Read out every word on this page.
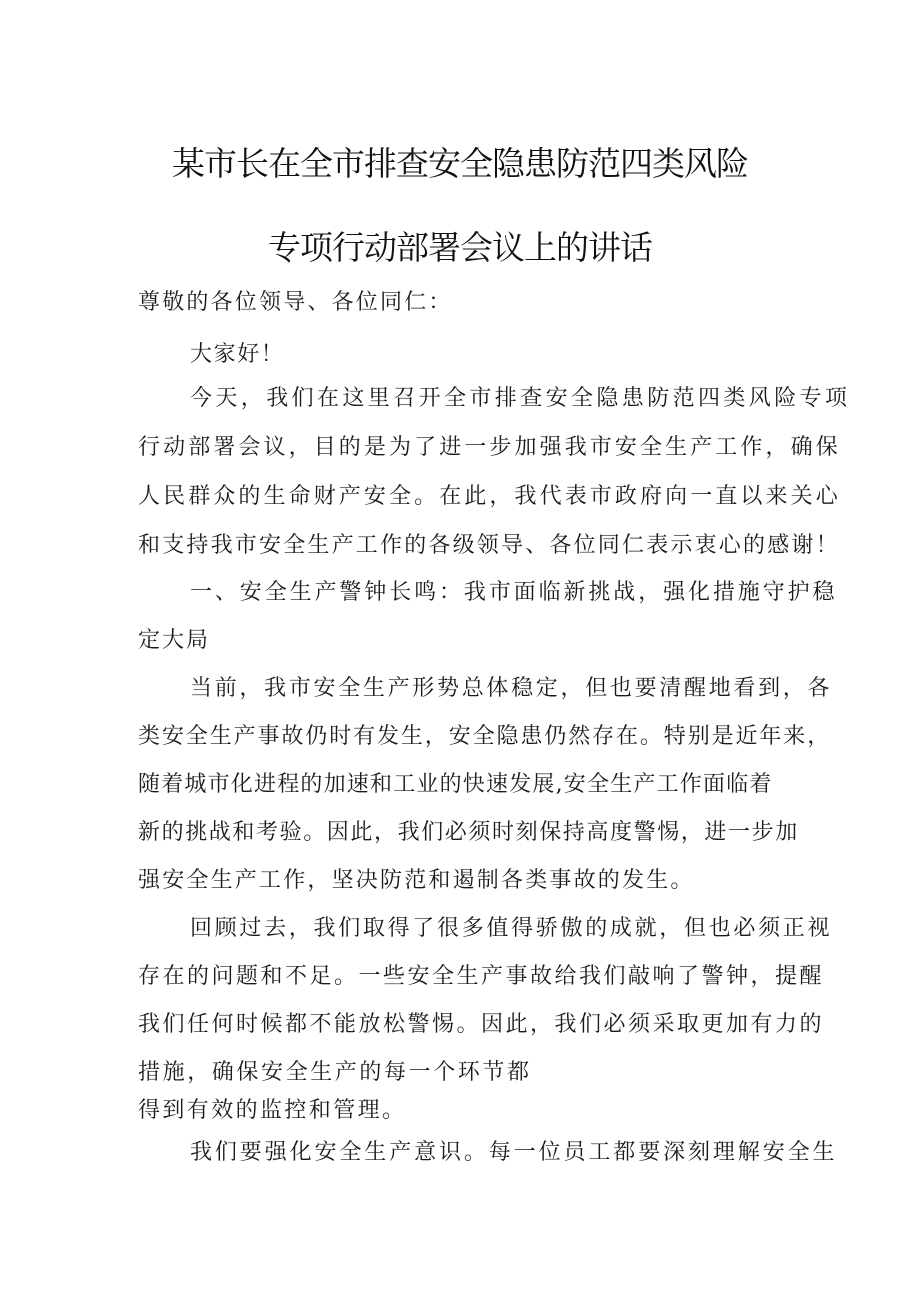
某市长在全市排查安全隐患防范四类风险
专项行动部署会议上的讲话
尊敬的各位领导、各位同仁：
大家好！
今天，我们在这里召开全市排查安全隐患防范四类风险专项
行动部署会议，目的是为了进一步加强我市安全生产工作，确保
人民群众的生命财产安全。在此，我代表市政府向一直以来关心
和支持我市安全生产工作的各级领导、各位同仁表示衷心的感谢！
一、安全生产警钟长鸣：我市面临新挑战，强化措施守护稳
定大局
当前，我市安全生产形势总体稳定，但也要清醒地看到，各
类安全生产事故仍时有发生，安全隐患仍然存在。特别是近年来，
随着城市化进程的加速和工业的快速发展,安全生产工作面临着
新的挑战和考验。因此，我们必须时刻保持高度警惕，进一步加
强安全生产工作，坚决防范和遏制各类事故的发生。
回顾过去，我们取得了很多值得骄傲的成就，但也必须正视
存在的问题和不足。一些安全生产事故给我们敲响了警钟，提醒
我们任何时候都不能放松警惕。因此，我们必须采取更加有力的
措施，确保安全生产的每一个环节都
得到有效的监控和管理。
我们要强化安全生产意识。每一位员工都要深刻理解安全生
